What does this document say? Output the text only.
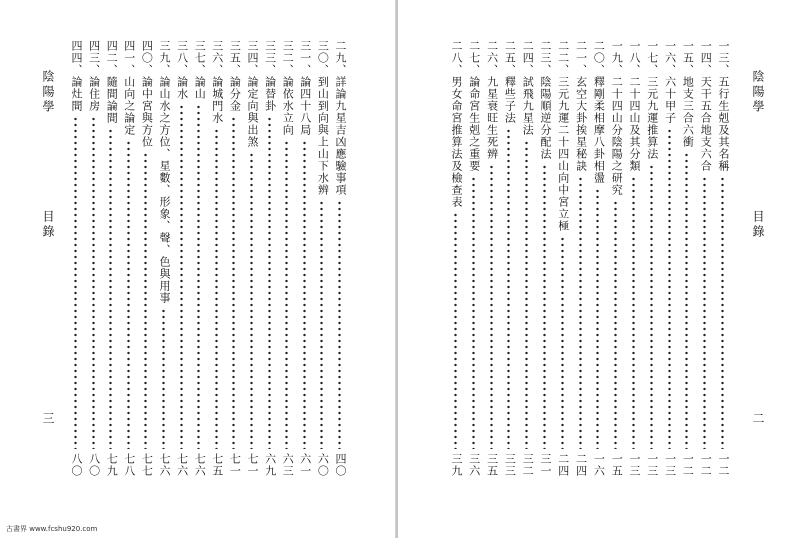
陰陽學
目錄
三
二九、詳論九星吉凶應驗事項
四〇
三〇、到山到向與上山下水辨
六〇
三一、論四十八局
六一
三二、論依水立向
六三
三三、論替卦
六九
三四、論定向與出煞
七一
三五、論分金
七一
三六、論城門水
七五
三七、論山
七六
三八、論水
七六
三九、論山水之方位、星數、形象、聲、色與用事
七六
四〇、論中宮與方位
七七
四一、山向之論定
七八
四二、隨間論間
七九
四三、論住房
八〇
四四、論灶間
八〇
陰陽學
目錄
二
一三、五行生剋及其名稱
一二
一四、天干五合地支六合
一二
一五、地支三合六衝
一二
一六、六十甲子
一三
一七、三元九運推算法
一三
一八、二十四山及其分類
一三
一九、二十四山分陰陽之研究
一五
二〇、釋剛柔相摩八卦相盪
一六
二一、玄空大卦挨星秘訣
二四
二二、三元九運二十四山向中宮立極
二四
二三、陰陽順逆分配法
三一
二四、試飛九星法
三二
二五、釋些子法
三三
二六、九星衰旺生死辨
三五
二七、論命宮生剋之重要
三六
二八、男女命宮推算法及檢查表
三九
古書界 www.fcshu920.com
